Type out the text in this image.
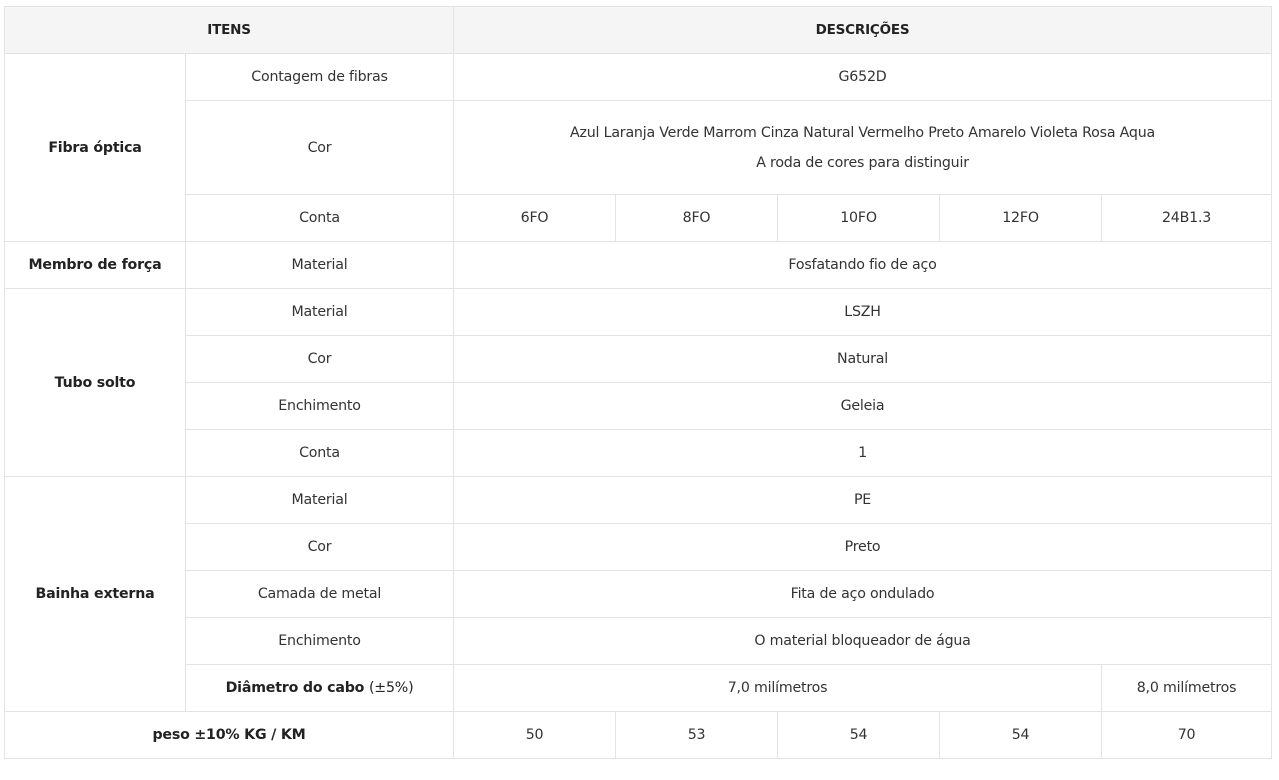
ITENS		DESCRIÇÕES				
Fibra óptica	Contagem de fibras	G652D				
	Cor	Azul Laranja Verde Marrom Cinza Natural Vermelho Preto Amarelo Violeta Rosa Aqua
A roda de cores para distinguir				

	Conta	6FO	8FO	10FO	12FO	24B1.3
Membro de força	Material	Fosfatando fio de aço				
Tubo solto	Material	LSZH				
	Cor	Natural				
	Enchimento	Geleia				
	Conta	1				
Bainha externa	Material	PE				
	Cor	Preto				
	Camada de metal	Fita de aço ondulado				
	Enchimento	O material bloqueador de água				
	Diâmetro do cabo (±5%)	7,0 milímetros				8,0 milímetros
peso ±10% KG / KM		50	53	54	54	70
